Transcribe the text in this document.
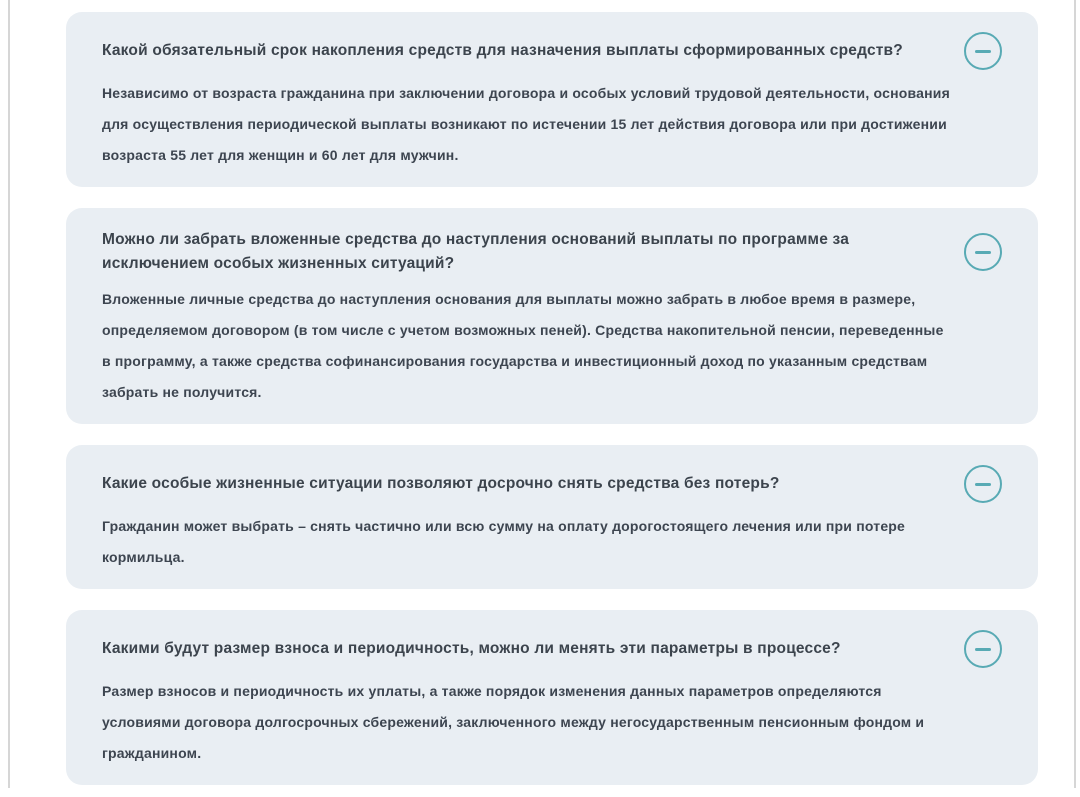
Какой обязательный срок накопления средств для назначения выплаты сформированных средств?

Независимо от возраста гражданина при заключении договора и особых условий трудовой деятельности, основания для осуществления периодической выплаты возникают по истечении 15 лет действия договора или при достижении возраста 55 лет для женщин и 60 лет для мужчин.

Можно ли забрать вложенные средства до наступления оснований выплаты по программе за исключением особых жизненных ситуаций?

Вложенные личные средства до наступления основания для выплаты можно забрать в любое время в размере, определяемом договором (в том числе с учетом возможных пеней). Средства накопительной пенсии, переведенные в программу, а также средства софинансирования государства и инвестиционный доход по указанным средствам забрать не получится.

Какие особые жизненные ситуации позволяют досрочно снять средства без потерь?

Гражданин может выбрать – снять частично или всю сумму на оплату дорогостоящего лечения или при потере кормильца.

Какими будут размер взноса и периодичность, можно ли менять эти параметры в процессе?

Размер взносов и периодичность их уплаты, а также порядок изменения данных параметров определяются условиями договора долгосрочных сбережений, заключенного между негосударственным пенсионным фондом и гражданином.
